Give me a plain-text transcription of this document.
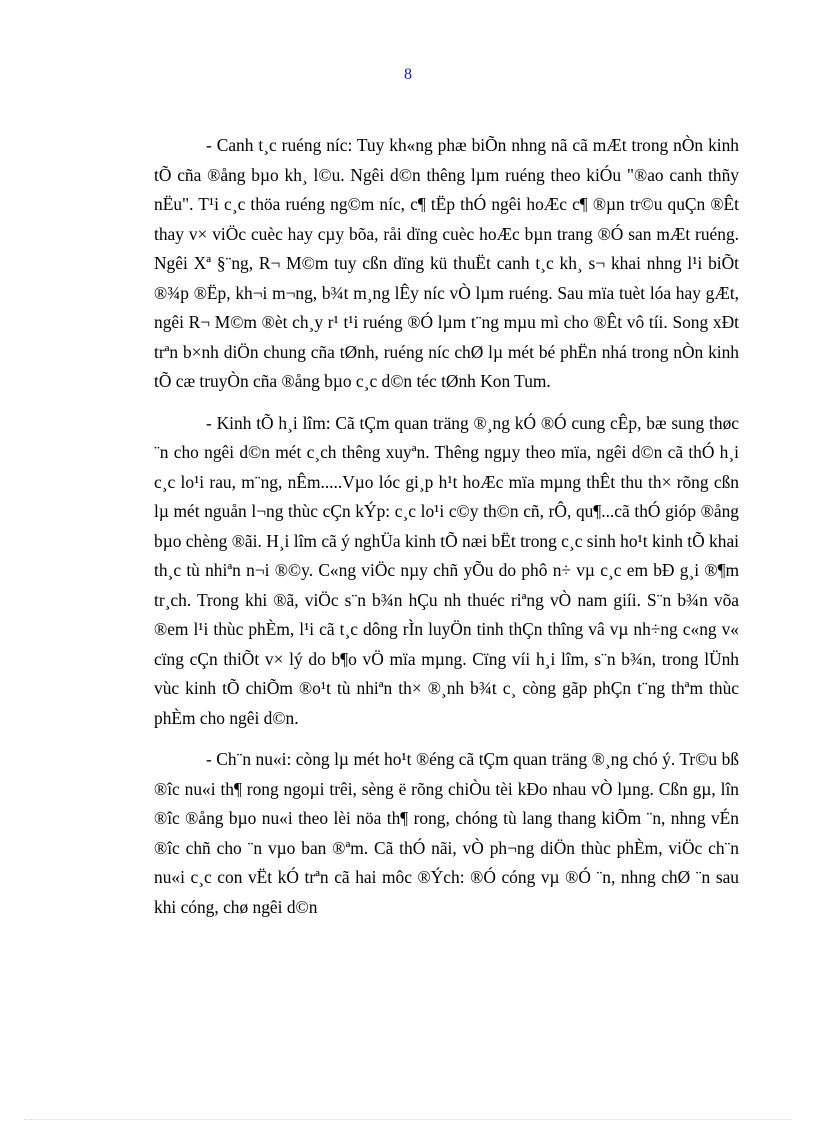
8

- Canh t¸c ruéng níc: Tuy kh«ng phæ biÕn nhng nã cã mÆt trong nÒn kinh tÕ cña ®ång bµo kh¸ l©u. Ngêi d©n thêng lµm ruéng theo kiÓu "®ao canh thñy nËu". T¹i c¸c thöa ruéng ng©m níc, c¶ tËp thÓ ngêi hoÆc c¶ ®µn tr©u quÇn ®Êt thay v× viÖc cuèc hay cµy bõa, råi dïng cuèc hoÆc bµn trang ®Ó san mÆt ruéng. Ngêi Xª §¨ng, R¬ M©m tuy cßn dïng kü thuËt canh t¸c kh¸ s¬ khai nhng l¹i biÕt ®¾p ®Ëp, kh¬i m¬ng, b¾t m¸ng lÊy níc vÒ lµm ruéng. Sau mïa tuèt lóa hay gÆt, ngêi R¬ M©m ®èt ch¸y r¹ t¹i ruéng ®Ó lµm t¨ng mµu mì cho ®Êt vô tíi. Song xÐt trªn b×nh diÖn chung cña tØnh, ruéng níc chØ lµ mét bé phËn nhá trong nÒn kinh tÕ cæ truyÒn cña ®ång bµo c¸c d©n téc tØnh Kon Tum.

- Kinh tÕ h¸i lîm: Cã tÇm quan träng ®¸ng kÓ ®Ó cung cÊp, bæ sung thøc ¨n cho ngêi d©n mét c¸ch thêng xuyªn. Thêng ngµy theo mïa, ngêi d©n cã thÓ h¸i c¸c lo¹i rau, m¨ng, nÊm.....Vµo lóc gi¸p h¹t hoÆc mïa mµng thÊt thu th× rõng cßn lµ mét nguån l¬ng thùc cÇn kÝp: c¸c lo¹i c©y th©n cñ, rÔ, qu¶...cã thÓ gióp ®ång bµo chèng ®ãi. H¸i lîm cã ý nghÜa kinh tÕ næi bËt trong c¸c sinh ho¹t kinh tÕ khai th¸c tù nhiªn n¬i ®©y. C«ng viÖc nµy chñ yÕu do phô n÷ vµ c¸c em bÐ g¸i ®¶m tr¸ch. Trong khi ®ã, viÖc s¨n b¾n hÇu nh thuéc riªng vÒ nam giíi. S¨n b¾n võa ®em l¹i thùc phÈm, l¹i cã t¸c dông rÌn luyÖn tinh thÇn thîng vâ vµ nh÷ng c«ng v« cïng cÇn thiÕt v× lý do b¶o vÖ mïa mµng. Cïng víi h¸i lîm, s¨n b¾n, trong lÜnh vùc kinh tÕ chiÕm ®o¹t tù nhiªn th× ®¸nh b¾t c¸ còng gãp phÇn t¨ng thªm thùc phÈm cho ngêi d©n.

- Ch¨n nu«i: còng lµ mét ho¹t ®éng cã tÇm quan träng ®¸ng chó ý. Tr©u bß ®îc nu«i th¶ rong ngoµi trêi, sèng ë rõng chiÒu tèi kÐo nhau vÒ lµng. Cßn gµ, lîn ®îc ®ång bµo nu«i theo lèi nöa th¶ rong, chóng tù lang thang kiÕm ¨n, nhng vÉn ®îc chñ cho ¨n vµo ban ®ªm. Cã thÓ nãi, vÒ ph¬ng diÖn thùc phÈm, viÖc ch¨n nu«i c¸c con vËt kÓ trªn cã hai môc ®Ých: ®Ó cóng vµ ®Ó ¨n, nhng chØ ¨n sau khi cóng, chø ngêi d©n
